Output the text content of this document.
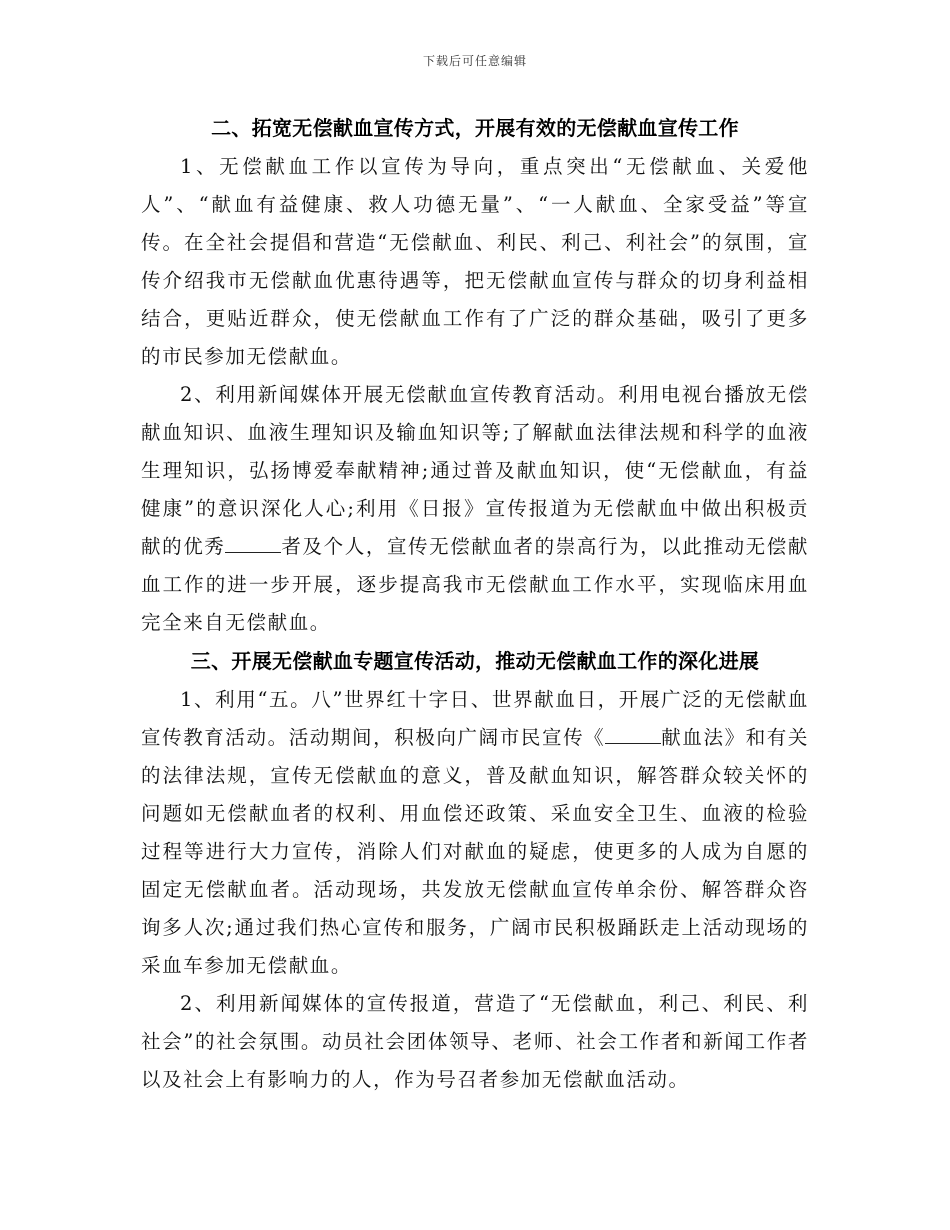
下载后可任意编辑
二、拓宽无偿献血宣传方式，开展有效的无偿献血宣传工作

1、无偿献血工作以宣传为导向，重点突出“无偿献血、关爱他人”、“献血有益健康、救人功德无量”、“一人献血、全家受益”等宣传。在全社会提倡和营造“无偿献血、利民、利己、利社会”的氛围，宣传介绍我市无偿献血优惠待遇等，把无偿献血宣传与群众的切身利益相结合，更贴近群众，使无偿献血工作有了广泛的群众基础，吸引了更多的市民参加无偿献血。

2、利用新闻媒体开展无偿献血宣传教育活动。利用电视台播放无偿献血知识、血液生理知识及输血知识等;了解献血法律法规和科学的血液生理知识，弘扬博爱奉献精神;通过普及献血知识，使“无偿献血，有益健康”的意识深化人心;利用《日报》宣传报道为无偿献血中做出积极贡献的优秀	者及个人，宣传无偿献血者的崇高行为，以此推动无偿献血工作的进一步开展，逐步提高我市无偿献血工作水平，实现临床用血完全来自无偿献血。

三、开展无偿献血专题宣传活动，推动无偿献血工作的深化进展

1、利用“五。八”世界红十字日、世界献血日，开展广泛的无偿献血宣传教育活动。活动期间，积极向广阔市民宣传《	献血法》和有关的法律法规，宣传无偿献血的意义，普及献血知识，解答群众较关怀的问题如无偿献血者的权利、用血偿还政策、采血安全卫生、血液的检验过程等进行大力宣传，消除人们对献血的疑虑，使更多的人成为自愿的固定无偿献血者。活动现场，共发放无偿献血宣传单余份、解答群众咨询多人次;通过我们热心宣传和服务，广阔市民积极踊跃走上活动现场的采血车参加无偿献血。

2、利用新闻媒体的宣传报道，营造了“无偿献血，利己、利民、利社会”的社会氛围。动员社会团体领导、老师、社会工作者和新闻工作者以及社会上有影响力的人，作为号召者参加无偿献血活动。
